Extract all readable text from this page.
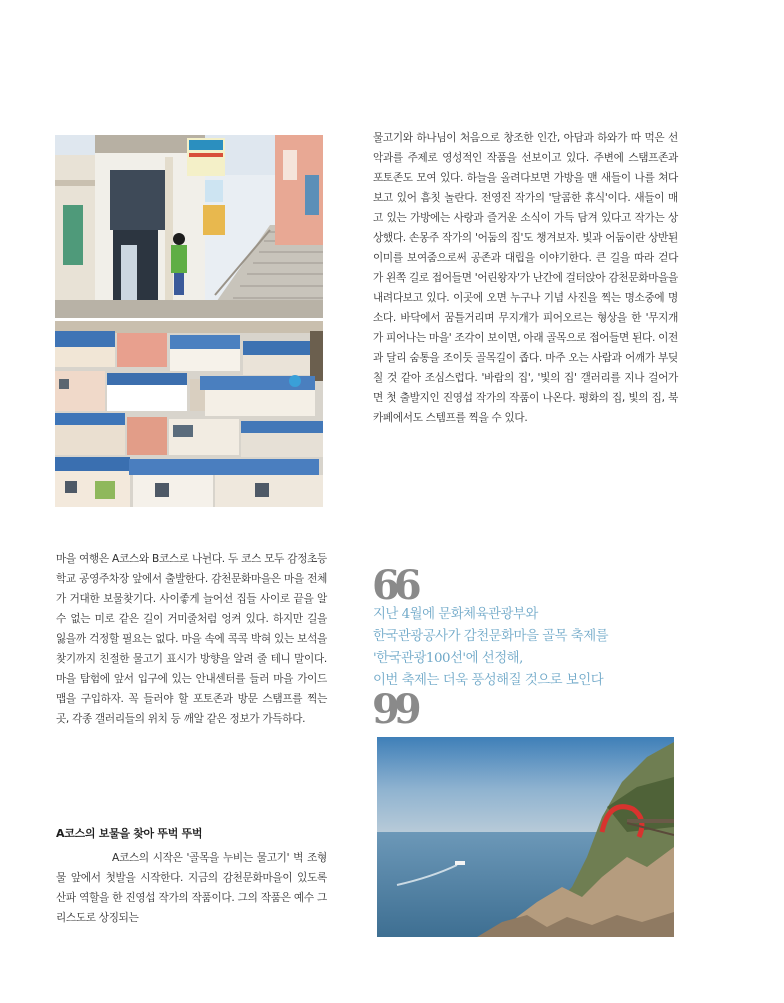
물고기와 하나님이 처음으로 창조한 인간, 아담과 하와가 따 먹은 선악과를 주제로 영성적인 작품을 선보이고 있다. 주변에 스탬프존과 포토존도 모여 있다. 하늘을 올려다보면 가방을 맨 새들이 나를 쳐다보고 있어 흠칫 놀란다. 전영진 작가의 '달콤한 휴식'이다. 새들이 매고 있는 가방에는 사랑과 즐거운 소식이 가득 담겨 있다고 작가는 상상했다. 손몽주 작가의 '어둠의 집'도 챙겨보자. 빛과 어둠이란 상반된 이미를 보여줌으로써 공존과 대립을 이야기한다. 큰 길을 따라 걷다가 왼쪽 길로 접어들면 '어린왕자'가 난간에 걸터앉아 감천문화마을을 내려다보고 있다. 이곳에 오면 누구나 기념 사진을 찍는 명소중에 명소다. 바닥에서 꿈틀거리며 무지개가 피어오르는 형상을 한 '무지개가 피어나는 마을' 조각이 보이면, 아래 골목으로 접어들면 된다. 이전과 달리 숨통을 조이듯 골목길이 좁다. 마주 오는 사람과 어깨가 부딪칠 것 같아 조심스럽다. '바람의 집', '빛의 집' 갤러리를 지나 걸어가면 첫 출발지인 진영섭 작가의 작품이 나온다. 평화의 집, 빛의 집, 북카페에서도 스템프를 찍을 수 있다.

마을 여행은 A코스와 B코스로 나뉜다. 두 코스 모두 감정초등학교 공영주차장 앞에서 출발한다. 감천문화마을은 마을 전체가 거대한 보물찾기다. 사이좋게 늘어선 집들 사이로 끝을 알 수 없는 미로 같은 길이 거미줄처럼 엉켜 있다. 하지만 길을 잃을까 걱정할 필요는 없다. 마을 속에 콕콕 박혀 있는 보석을 찾기까지 친절한 물고기 표시가 방향을 알려 줄 테니 말이다. 마을 탐험에 앞서 입구에 있는 안내센터를 들러 마을 가이드 맵을 구입하자. 꼭 들러야 할 포토존과 방문 스탬프를 찍는 곳, 각종 갤러리들의 위치 등 깨알 같은 정보가 가득하다.

A코스의 보물을 찾아 뚜벅 뚜벅

A코스의 시작은 '골목을 누비는 물고기' 벽 조형물 앞에서 첫발을 시작한다. 지금의 감천문화마을이 있도록 산파 역할을 한 진영섭 작가의 작품이다. 그의 작품은 예수 그리스도로 상징되는

66
지난 4월에 문화체육관광부와
한국관광공사가 감천문화마을 골목 축제를
'한국관광100선'에 선정해,
이번 축제는 더욱 풍성해질 것으로 보인다
99
